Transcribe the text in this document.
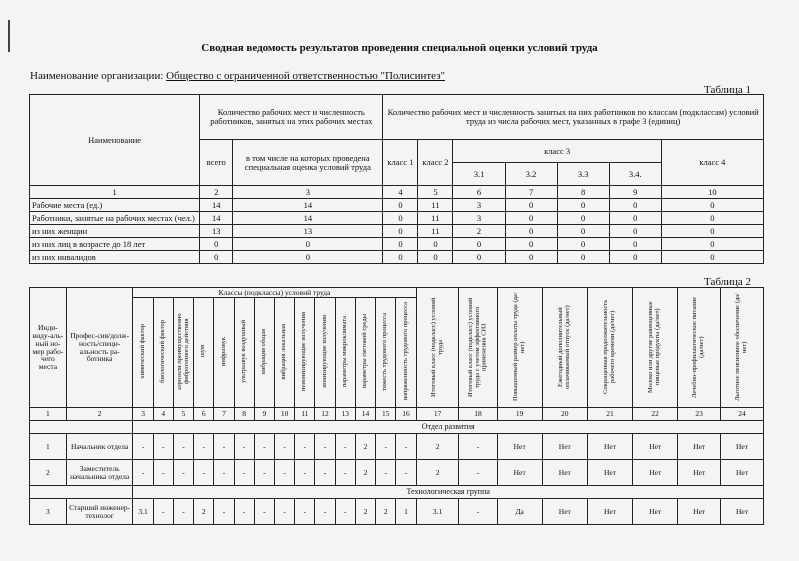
Сводная ведомость результатов проведения специальной оценки условий труда
Наименование организации: Общество с ограниченной ответственностью "Полисинтез"
Таблица 1
Наименование	Количество рабочих мест и численность работников, занятых на этих рабочих местах		Количество рабочих мест и численность занятых на них работников по классам (подклассам) условий труда из числа рабочих мест, указанных в графе 3 (единиц)						
	всего	в том числе на которых проведена специальная оценка условий труда	класс 1	класс 2	класс 3				класс 4
					3.1	3.2	3.3	3.4.	
1	2	3	4	5	6	7	8	9	10
Рабочие места (ед.)	14	14	0	11	3	0	0	0	0
Работники, занятые на рабочих местах (чел.)	14	14	0	11	3	0	0	0	0
из них женщин	13	13	0	11	2	0	0	0	0
из них лиц в возрасте до 18 лет	0	0	0	0	0	0	0	0	0
из них инвалидов	0	0	0	0	0	0	0	0	0
Таблица 2
Инди-виду-аль-ный но-мер рабо-чего места	Профес-сия/долж-ность/специ-альность ра-ботника	Классы (подклассы) условий труда														Итоговый класс (подкласс) условий труда	Итоговый класс (подкласс) условий труда с учетом эффективного применения СИЗ	Повышенный размер оплаты труда (да/нет)	Ежегодный дополнительный оплачиваемый отпуск (да/нет)	Сокращенная продолжительность рабочего времени (да/нет)	Молоко или другие равноценные пищевые продукты (да/нет)	Лечебно-профилактическое питание (да/нет)	Льготное пенсионное обеспечение (да/нет)
		химический фактор	биологический фактор	аэрозоли преимущественно фиброгенного действия	шум	инфразвук	ультразвук воздушный	вибрация общая	вибрация локальная	неионизирующие излучения	ионизирующие излучения	параметры микроклимата	параметры световой среды	тяжесть трудового процесса	напряженность трудового процесса								
1	2	3	4	5	6	7	8	9	10	11	12	13	14	15	16	17	18	19	20	21	22	23	24
		Отдел развития																					
1	Начальник отдела	-	-	-	-	-	-	-	-	-	-	-	2	-	-	2	-	Нет	Нет	Нет	Нет	Нет	Нет
2	Заместитель начальника отдела	-	-	-	-	-	-	-	-	-	-	-	2	-	-	2	-	Нет	Нет	Нет	Нет	Нет	Нет
		Технологическая группа																					
3	Старший инженер-технолог	3.1	-	-	2	-	-	-	-	-	-	-	2	2	1	3.1	-	Да	Нет	Нет	Нет	Нет	Нет
